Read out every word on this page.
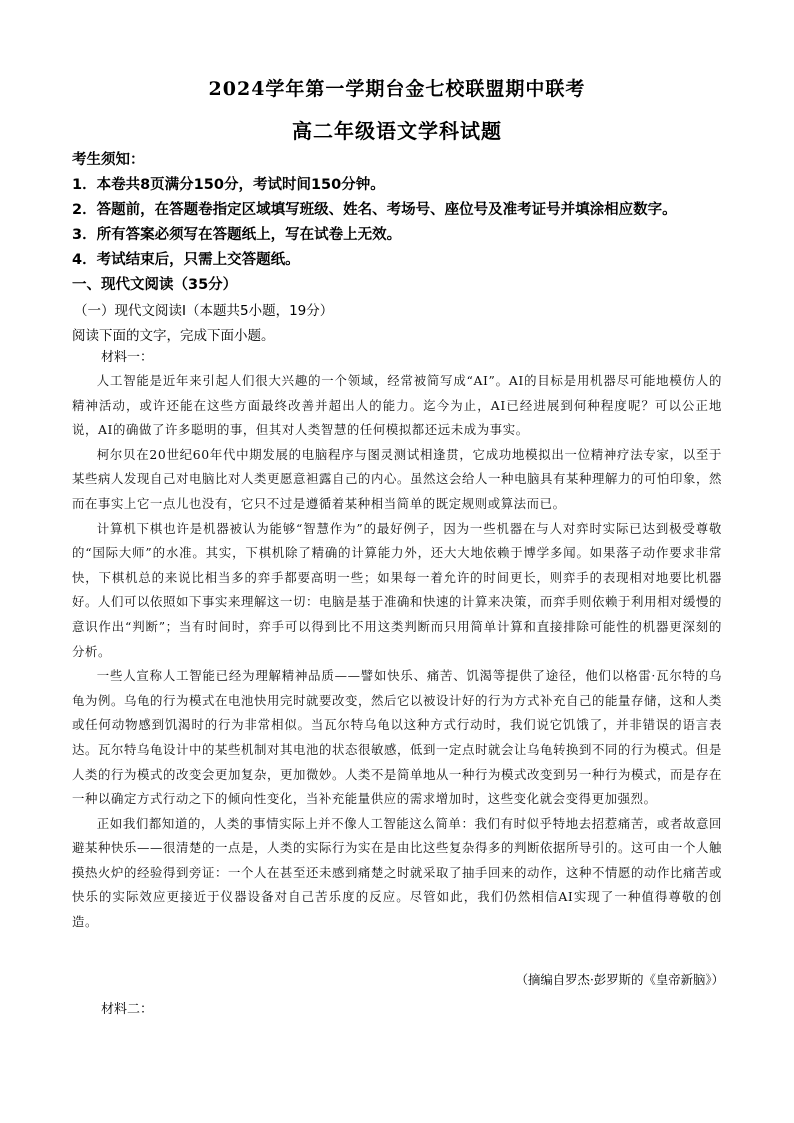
2024学年第一学期台金七校联盟期中联考
高二年级语文学科试题
考生须知：
1．本卷共8页满分150分，考试时间150分钟。
2．答题前，在答题卷指定区域填写班级、姓名、考场号、座位号及准考证号并填涂相应数字。
3．所有答案必须写在答题纸上，写在试卷上无效。
4．考试结束后，只需上交答题纸。
一、现代文阅读（35分）
（一）现代文阅读Ⅰ（本题共5小题，19分）
阅读下面的文字，完成下面小题。
材料一：

人工智能是近年来引起人们很大兴趣的一个领域，经常被简写成“AI”。AI的目标是用机器尽可能地模仿人的精神活动，或许还能在这些方面最终改善并超出人的能力。迄今为止，AI已经进展到何种程度呢？可以公正地说，AI的确做了许多聪明的事，但其对人类智慧的任何模拟都还远未成为事实。

柯尔贝在20世纪60年代中期发展的电脑程序与图灵测试相逢贯，它成功地模拟出一位精神疗法专家，以至于某些病人发现自己对电脑比对人类更愿意袒露自己的内心。虽然这会给人一种电脑具有某种理解力的可怕印象，然而在事实上它一点儿也没有，它只不过是遵循着某种相当简单的既定规则或算法而已。

计算机下棋也许是机器被认为能够“智慧作为”的最好例子，因为一些机器在与人对弈时实际已达到极受尊敬的“国际大师”的水准。其实，下棋机除了精确的计算能力外，还大大地依赖于博学多闻。如果落子动作要求非常快，下棋机总的来说比相当多的弈手都要高明一些；如果每一着允许的时间更长，则弈手的表现相对地要比机器好。人们可以依照如下事实来理解这一切：电脑是基于准确和快速的计算来决策，而弈手则依赖于利用相对缓慢的意识作出“判断”；当有时间时，弈手可以得到比不用这类判断而只用简单计算和直接排除可能性的机器更深刻的分析。

一些人宣称人工智能已经为理解精神品质——譬如快乐、痛苦、饥渴等提供了途径，他们以格雷·瓦尔特的乌龟为例。乌龟的行为模式在电池快用完时就要改变，然后它以被设计好的行为方式补充自己的能量存储，这和人类或任何动物感到饥渴时的行为非常相似。当瓦尔特乌龟以这种方式行动时，我们说它饥饿了，并非错误的语言表达。瓦尔特乌龟设计中的某些机制对其电池的状态很敏感，低到一定点时就会让乌龟转换到不同的行为模式。但是人类的行为模式的改变会更加复杂，更加微妙。人类不是简单地从一种行为模式改变到另一种行为模式，而是存在一种以确定方式行动之下的倾向性变化，当补充能量供应的需求增加时，这些变化就会变得更加强烈。

正如我们都知道的，人类的事情实际上并不像人工智能这么简单：我们有时似乎特地去招惹痛苦，或者故意回避某种快乐——很清楚的一点是，人类的实际行为实在是由比这些复杂得多的判断依据所导引的。这可由一个人触摸热火炉的经验得到旁证：一个人在甚至还未感到痛楚之时就采取了抽手回来的动作，这种不情愿的动作比痛苦或快乐的实际效应更接近于仪器设备对自己苦乐度的反应。尽管如此，我们仍然相信AI实现了一种值得尊敬的创造。

（摘编自罗杰·彭罗斯的《皇帝新脑》）
材料二：
